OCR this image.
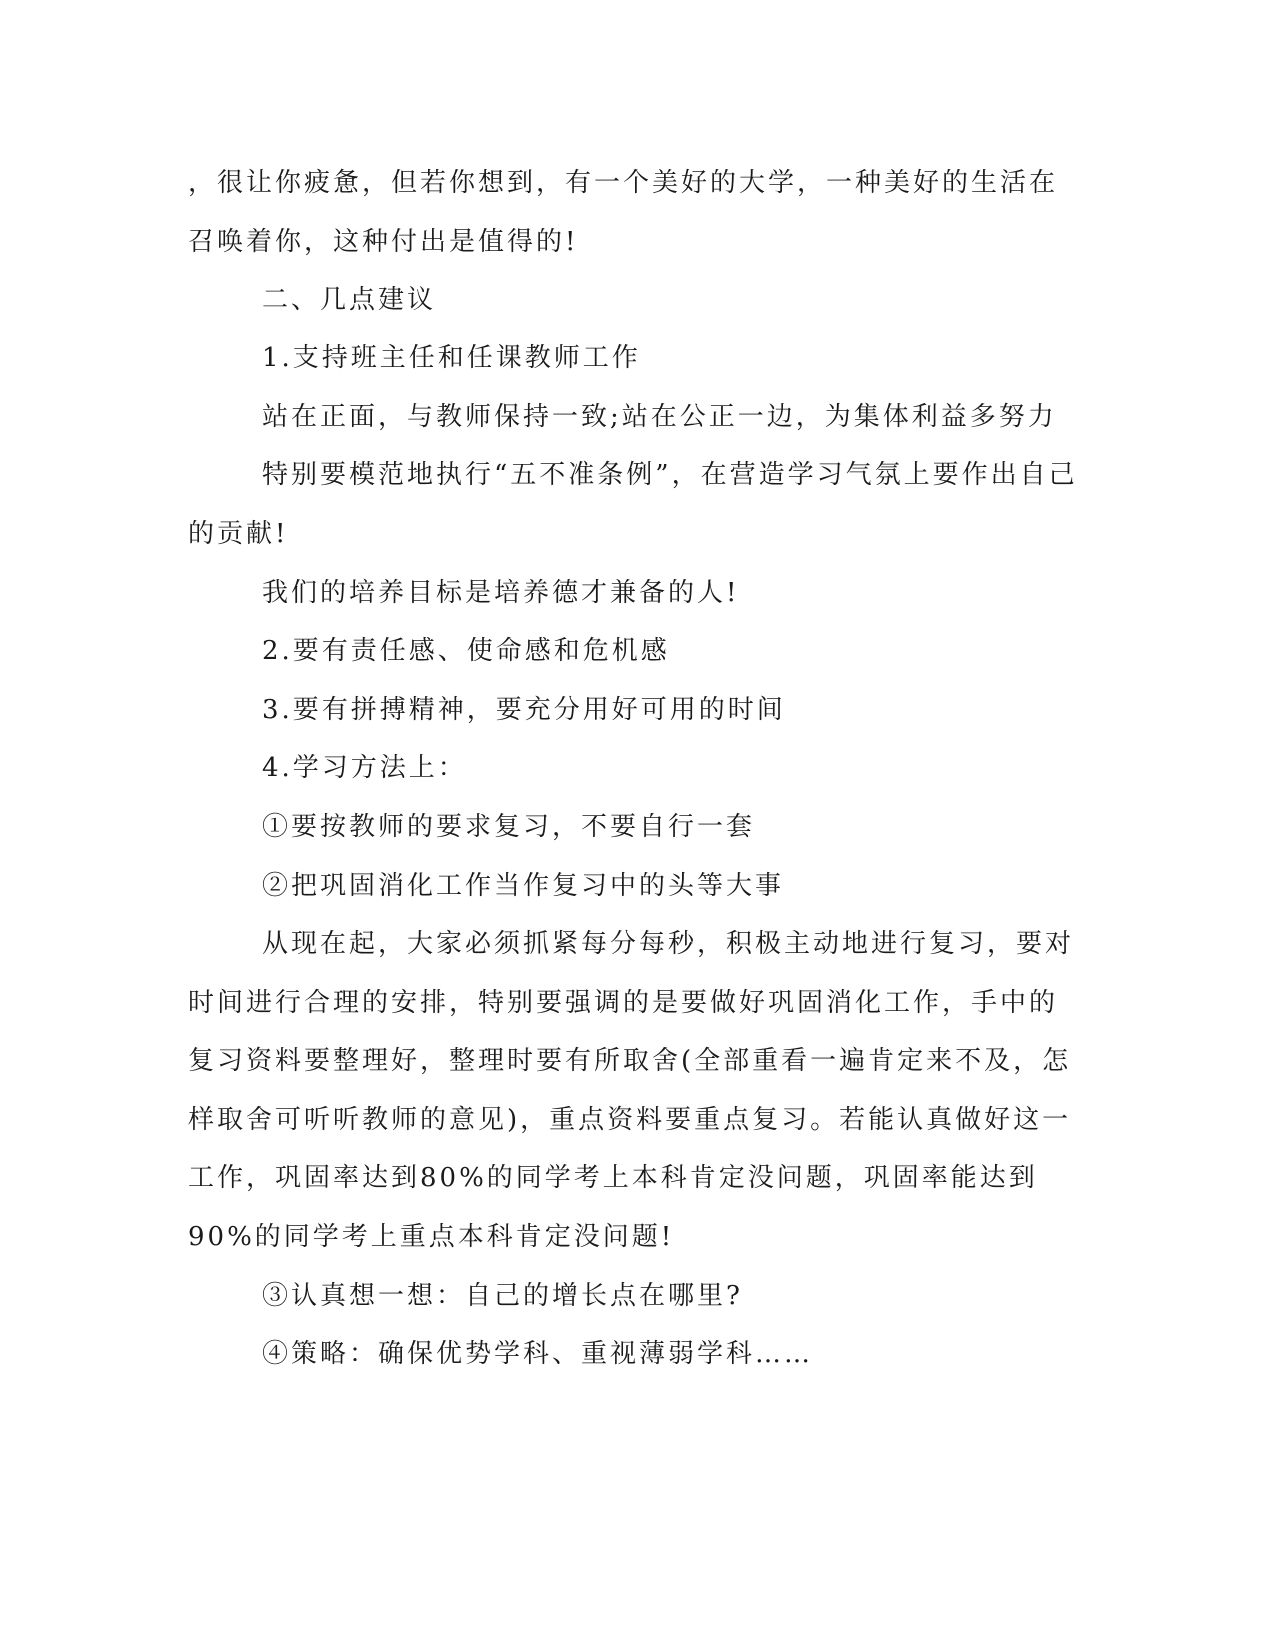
，很让你疲惫，但若你想到，有一个美好的大学，一种美好的生活在
召唤着你，这种付出是值得的!
二、几点建议
1.支持班主任和任课教师工作
站在正面，与教师保持一致;站在公正一边，为集体利益多努力
特别要模范地执行“五不准条例”，在营造学习气氛上要作出自己
的贡献!
我们的培养目标是培养德才兼备的人!
2.要有责任感、使命感和危机感
3.要有拼搏精神，要充分用好可用的时间
4.学习方法上：
①要按教师的要求复习，不要自行一套
②把巩固消化工作当作复习中的头等大事
从现在起，大家必须抓紧每分每秒，积极主动地进行复习，要对
时间进行合理的安排，特别要强调的是要做好巩固消化工作，手中的
复习资料要整理好，整理时要有所取舍(全部重看一遍肯定来不及，怎
样取舍可听听教师的意见)，重点资料要重点复习。若能认真做好这一
工作，巩固率达到80%的同学考上本科肯定没问题，巩固率能达到
90%的同学考上重点本科肯定没问题!
③认真想一想：自己的增长点在哪里?
④策略：确保优势学科、重视薄弱学科……
